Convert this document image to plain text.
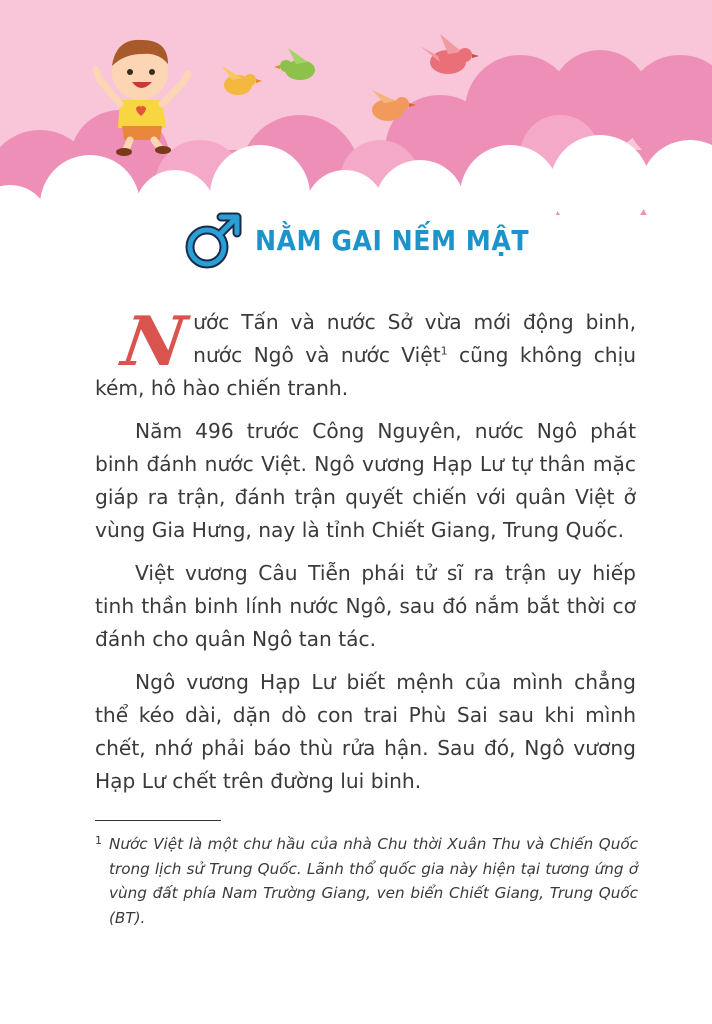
NẰM GAI NẾM MẬT

Nước Tấn và nước Sở vừa mới động binh, nước Ngô và nước Việt$^1$ cũng không chịu kém, hô hào chiến tranh.

Năm 496 trước Công Nguyên, nước Ngô phát binh đánh nước Việt. Ngô vương Hạp Lư tự thân mặc giáp ra trận, đánh trận quyết chiến với quân Việt ở vùng Gia Hưng, nay là tỉnh Chiết Giang, Trung Quốc.

Việt vương Câu Tiễn phái tử sĩ ra trận uy hiếp tinh thần binh lính nước Ngô, sau đó nắm bắt thời cơ đánh cho quân Ngô tan tác.

Ngô vương Hạp Lư biết mệnh của mình chẳng thể kéo dài, dặn dò con trai Phù Sai sau khi mình chết, nhớ phải báo thù rửa hận. Sau đó, Ngô vương Hạp Lư chết trên đường lui binh.

1 Nước Việt là một chư hầu của nhà Chu thời Xuân Thu và Chiến Quốc trong lịch sử Trung Quốc. Lãnh thổ quốc gia này hiện tại tương ứng ở vùng đất phía Nam Trường Giang, ven biển Chiết Giang, Trung Quốc (BT).
